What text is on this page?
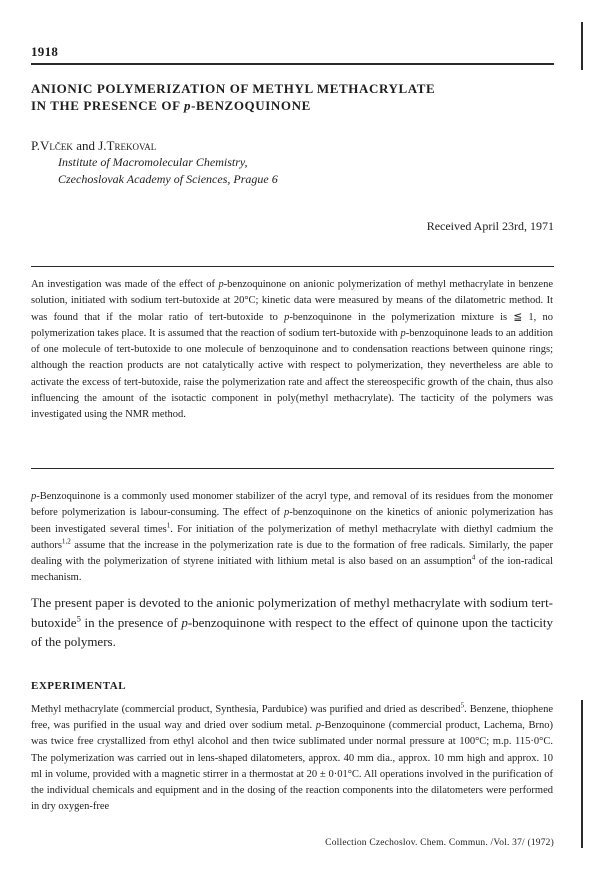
1918
ANIONIC POLYMERIZATION OF METHYL METHACRYLATE
IN THE PRESENCE OF p-BENZOQUINONE
P.Vlček and J.Trekoval
Institute of Macromolecular Chemistry,
Czechoslovak Academy of Sciences, Prague 6
Received April 23rd, 1971
An investigation was made of the effect of p-benzoquinone on anionic polymerization of methyl methacrylate in benzene solution, initiated with sodium tert-butoxide at 20°C; kinetic data were measured by means of the dilatometric method. It was found that if the molar ratio of tert-butoxide to p-benzoquinone in the polymerization mixture is ≦ 1, no polymerization takes place. It is assumed that the reaction of sodium tert-butoxide with p-benzoquinone leads to an addition of one molecule of tert-butoxide to one molecule of benzoquinone and to condensation reactions between quinone rings; although the reaction products are not catalytically active with respect to polymerization, they nevertheless are able to activate the excess of tert-butoxide, raise the polymerization rate and affect the stereospecific growth of the chain, thus also influencing the amount of the isotactic component in poly(methyl methacrylate). The tacticity of the polymers was investigated using the NMR method.
p-Benzoquinone is a commonly used monomer stabilizer of the acryl type, and removal of its residues from the monomer before polymerization is labour-consuming. The effect of p-benzoquinone on the kinetics of anionic polymerization has been investigated several times$^1$. For initiation of the polymerization of methyl methacrylate with diethyl cadmium the authors$^{1,2}$ assume that the increase in the polymerization rate is due to the formation of free radicals. Similarly, the paper dealing with the polymerization of styrene initiated with lithium metal is also based on an assumption$^4$ of the ion-radical mechanism.
The present paper is devoted to the anionic polymerization of methyl methacrylate with sodium tert-butoxide$^5$ in the presence of p-benzoquinone with respect to the effect of quinone upon the tacticity of the polymers.
EXPERIMENTAL
Methyl methacrylate (commercial product, Synthesia, Pardubice) was purified and dried as described$^5$. Benzene, thiophene free, was purified in the usual way and dried over sodium metal. p-Benzoquinone (commercial product, Lachema, Brno) was twice free crystallized from ethyl alcohol and then twice sublimated under normal pressure at 100°C; m.p. 115·0°C. The polymerization was carried out in lens-shaped dilatometers, approx. 40 mm dia., approx. 10 mm high and approx. 10 ml in volume, provided with a magnetic stirrer in a thermostat at 20 ± 0·01°C. All operations involved in the purification of the individual chemicals and equipment and in the dosing of the reaction components into the dilatometers were performed in dry oxygen-free
Collection Czechoslov. Chem. Commun. /Vol. 37/ (1972)
